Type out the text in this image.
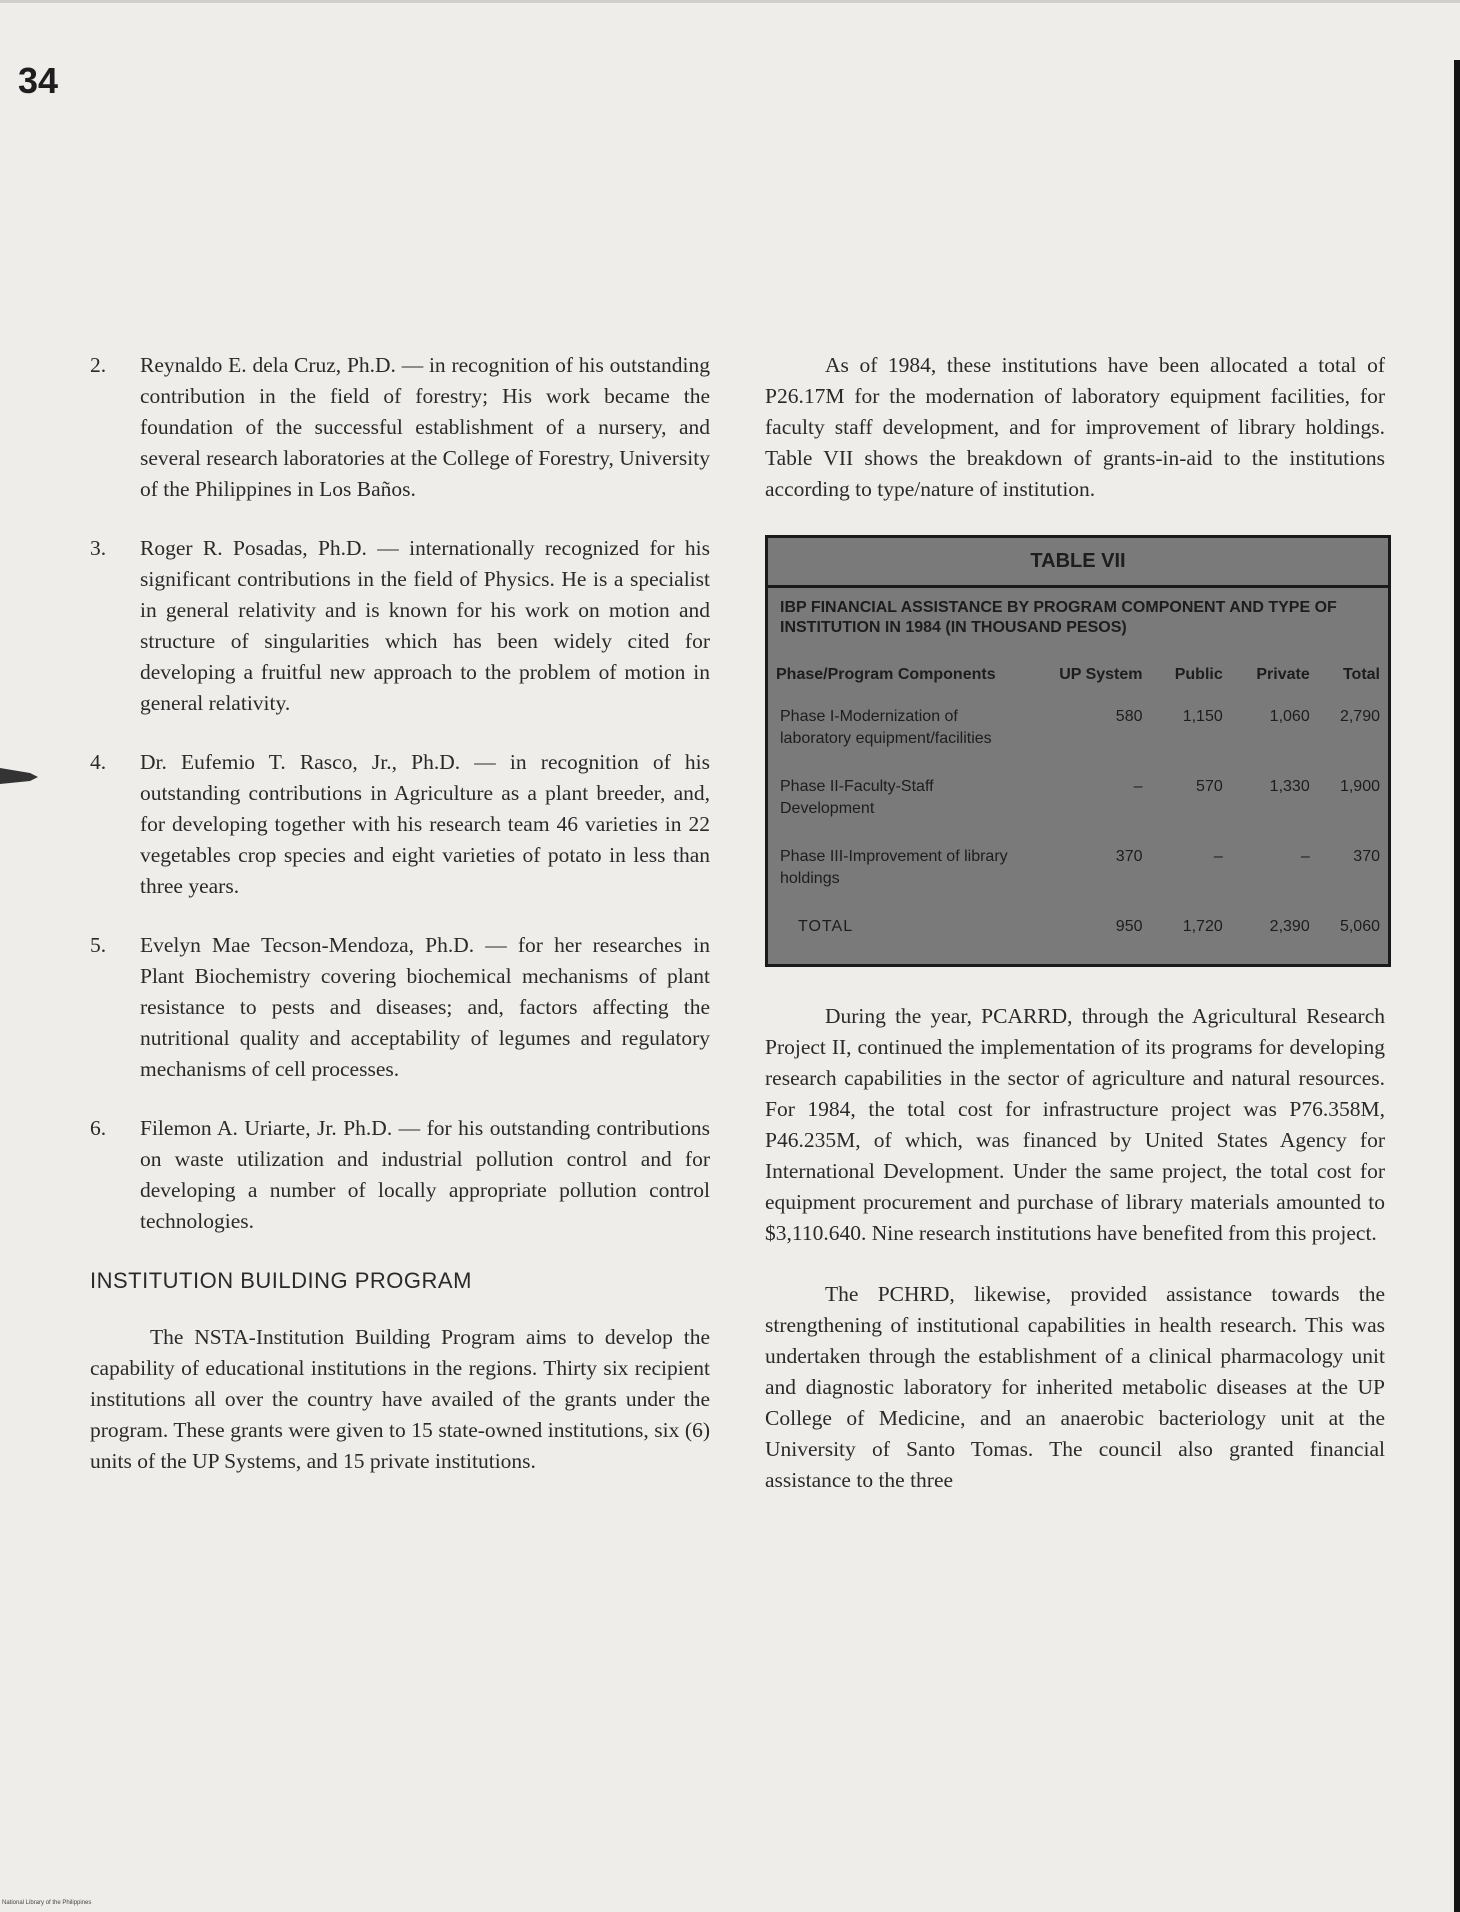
34
2.	Reynaldo E. dela Cruz, Ph.D. — in recognition of his outstanding contribution in the field of forestry; His work became the foundation of the successful establishment of a nursery, and several research laboratories at the College of Forestry, University of the Philippines in Los Baños.
3.	Roger R. Posadas, Ph.D. — internationally recognized for his significant contributions in the field of Physics. He is a specialist in general relativity and is known for his work on motion and structure of singularities which has been widely cited for developing a fruitful new approach to the problem of motion in general relativity.
4.	Dr. Eufemio T. Rasco, Jr., Ph.D. — in recognition of his outstanding contributions in Agriculture as a plant breeder, and, for developing together with his research team 46 varieties in 22 vegetables crop species and eight varieties of potato in less than three years.
5.	Evelyn Mae Tecson-Mendoza, Ph.D. — for her researches in Plant Biochemistry covering biochemical mechanisms of plant resistance to pests and diseases; and, factors affecting the nutritional quality and acceptability of legumes and regulatory mechanisms of cell processes.
6.	Filemon A. Uriarte, Jr. Ph.D. — for his outstanding contributions on waste utilization and industrial pollution control and for developing a number of locally appropriate pollution control technologies.
INSTITUTION BUILDING PROGRAM

The NSTA-Institution Building Program aims to develop the capability of educational institutions in the regions. Thirty six recipient institutions all over the country have availed of the grants under the program. These grants were given to 15 state-owned institutions, six (6) units of the UP Systems, and 15 private institutions.

As of 1984, these institutions have been allocated a total of P26.17M for the modernation of laboratory equipment facilities, for faculty staff development, and for improvement of library holdings. Table VII shows the breakdown of grants-in-aid to the institutions according to type/nature of institution.

TABLE VII
IBP FINANCIAL ASSISTANCE BY PROGRAM COMPONENT AND TYPE OF INSTITUTION IN 1984 (IN THOUSAND PESOS)
Phase/Program Components	UP System	Public	Private	Total
Phase I-Modernization of laboratory equipment/facilities	580	1,150	1,060	2,790
Phase II-Faculty-Staff Development	–	570	1,330	1,900
Phase III-Improvement of library holdings	370	–	–	370
TOTAL	950	1,720	2,390	5,060

During the year, PCARRD, through the Agricultural Research Project II, continued the implementation of its programs for developing research capabilities in the sector of agriculture and natural resources. For 1984, the total cost for infrastructure project was P76.358M, P46.235M, of which, was financed by United States Agency for International Development. Under the same project, the total cost for equipment procurement and purchase of library materials amounted to $3,110.640. Nine research institutions have benefited from this project.

The PCHRD, likewise, provided assistance towards the strengthening of institutional capabilities in health research. This was undertaken through the establishment of a clinical pharmacology unit and diagnostic laboratory for inherited metabolic diseases at the UP College of Medicine, and an anaerobic bacteriology unit at the University of Santo Tomas. The council also granted financial assistance to the three

National Library of the Philippines
